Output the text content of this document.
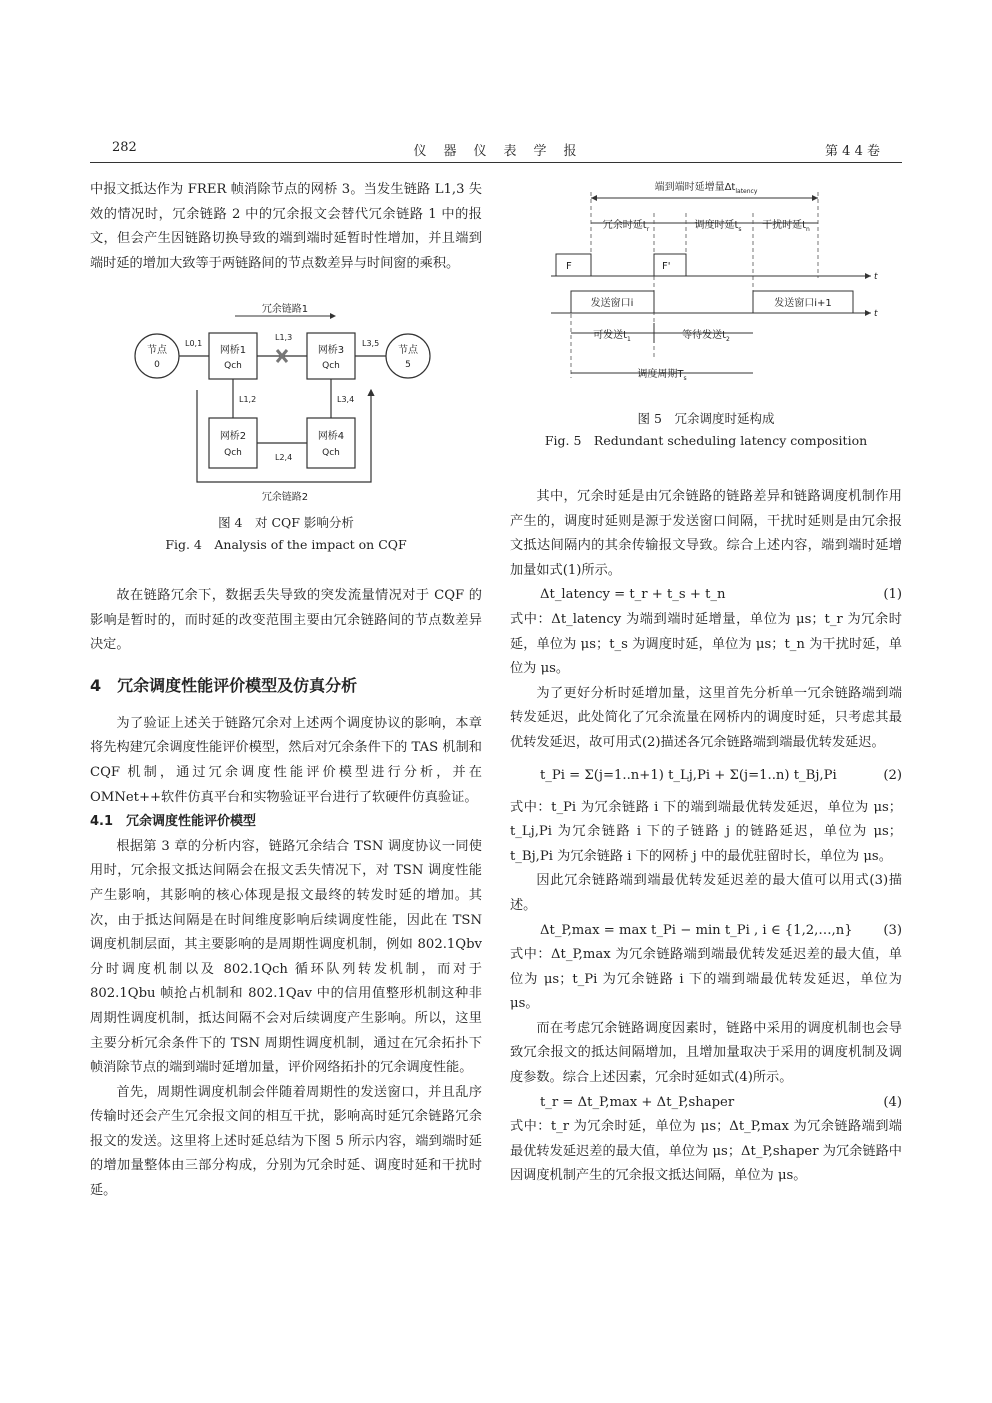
282	仪　器　仪　表　学　报	第 4 4 卷

中报文抵达作为 FRER 帧消除节点的网桥 3。当发生链路 L1,3 失效的情况时，冗余链路 2 中的冗余报文会替代冗余链路 1 中的报文，但会产生因链路切换导致的端到端时延暂时性增加，并且端到端时延的增加大致等于两链路间的节点数差异与时间窗的乘积。

冗余链路1
节点
0
节点
5
网桥1
Qch
网桥3
Qch
网桥2
Qch
网桥4
Qch
L0,1
L1,3
L3,5
L1,2	L3,4
L2,4
冗余链路2
图 4　对 CQF 影响分析
Fig. 4　Analysis of the impact on CQF

故在链路冗余下，数据丢失导致的突发流量情况对于 CQF 的影响是暂时的，而时延的改变范围主要由冗余链路间的节点数差异决定。

4　冗余调度性能评价模型及仿真分析

为了验证上述关于链路冗余对上述两个调度协议的影响，本章将先构建冗余调度性能评价模型，然后对冗余条件下的 TAS 机制和 CQF 机制，通过冗余调度性能评价模型进行分析，并在 OMNet++软件仿真平台和实物验证平台进行了软硬件仿真验证。

4.1　冗余调度性能评价模型

根据第 3 章的分析内容，链路冗余结合 TSN 调度协议一同使用时，冗余报文抵达间隔会在报文丢失情况下，对 TSN 调度性能产生影响，其影响的核心体现是报文最终的转发时延的增加。其次，由于抵达间隔是在时间维度影响后续调度性能，因此在 TSN 调度机制层面，其主要影响的是周期性调度机制，例如 802.1Qbv 分时调度机制以及 802.1Qch 循环队列转发机制，而对于 802.1Qbu 帧抢占机制和 802.1Qav 中的信用值整形机制这种非周期性调度机制，抵达间隔不会对后续调度产生影响。所以，这里主要分析冗余条件下的 TSN 周期性调度机制，通过在冗余拓扑下帧消除节点的端到端时延增加量，评价网络拓扑的冗余调度性能。

首先，周期性调度机制会伴随着周期性的发送窗口，并且乱序传输时还会产生冗余报文间的相互干扰，影响高时延冗余链路冗余报文的发送。这里将上述时延总结为下图 5 所示内容，端到端时延的增加量整体由三部分构成，分别为冗余时延、调度时延和干扰时延。

端到端时延增量$\Delta t_{latency}$
冗余时延$t_r$	调度时延$t_s$ 干扰时延$t_n$
t
F	F'
t
发送窗口i	发送窗口i+1
可发送$t_1$	等待发送$t_2$
调度周期$T_s$
图 5　冗余调度时延构成
Fig. 5　Redundant scheduling latency composition

其中，冗余时延是由冗余链路的链路差异和链路调度机制作用产生的，调度时延则是源于发送窗口间隔，干扰时延则是由冗余报文抵达间隔内的其余传输报文导致。综合上述内容，端到端时延增加量如式(1)所示。

Δt_latency = t_r + t_s + t_n	(1)

式中：Δt_latency 为端到端时延增量，单位为 μs；t_r 为冗余时延，单位为 μs；t_s 为调度时延，单位为 μs；t_n 为干扰时延，单位为 μs。

为了更好分析时延增加量，这里首先分析单一冗余链路端到端转发延迟，此处简化了冗余流量在网桥内的调度时延，只考虑其最优转发延迟，故可用式(2)描述各冗余链路端到端最优转发延迟。

t_Pi = Σ(j=1..n+1) t_Lj,Pi + Σ(j=1..n) t_Bj,Pi	(2)

式中：t_Pi 为冗余链路 i 下的端到端最优转发延迟，单位为 μs；t_Lj,Pi 为冗余链路 i 下的子链路 j 的链路延迟，单位为 μs；t_Bj,Pi 为冗余链路 i 下的网桥 j 中的最优驻留时长，单位为 μs。

因此冗余链路端到端最优转发延迟差的最大值可以用式(3)描述。

Δt_P,max = max t_Pi − min t_Pi , i ∈ {1,2,…,n} (3)

式中：Δt_P,max 为冗余链路端到端最优转发延迟差的最大值，单位为 μs；t_Pi 为冗余链路 i 下的端到端最优转发延迟，单位为 μs。

而在考虑冗余链路调度因素时，链路中采用的调度机制也会导致冗余报文的抵达间隔增加，且增加量取决于采用的调度机制及调度参数。综合上述因素，冗余时延如式(4)所示。

t_r = Δt_P,max + Δt_P,shaper	(4)

式中：t_r 为冗余时延，单位为 μs；Δt_P,max 为冗余链路端到端最优转发延迟差的最大值，单位为 μs；Δt_P,shaper 为冗余链路中因调度机制产生的冗余报文抵达间隔，单位为 μs。
